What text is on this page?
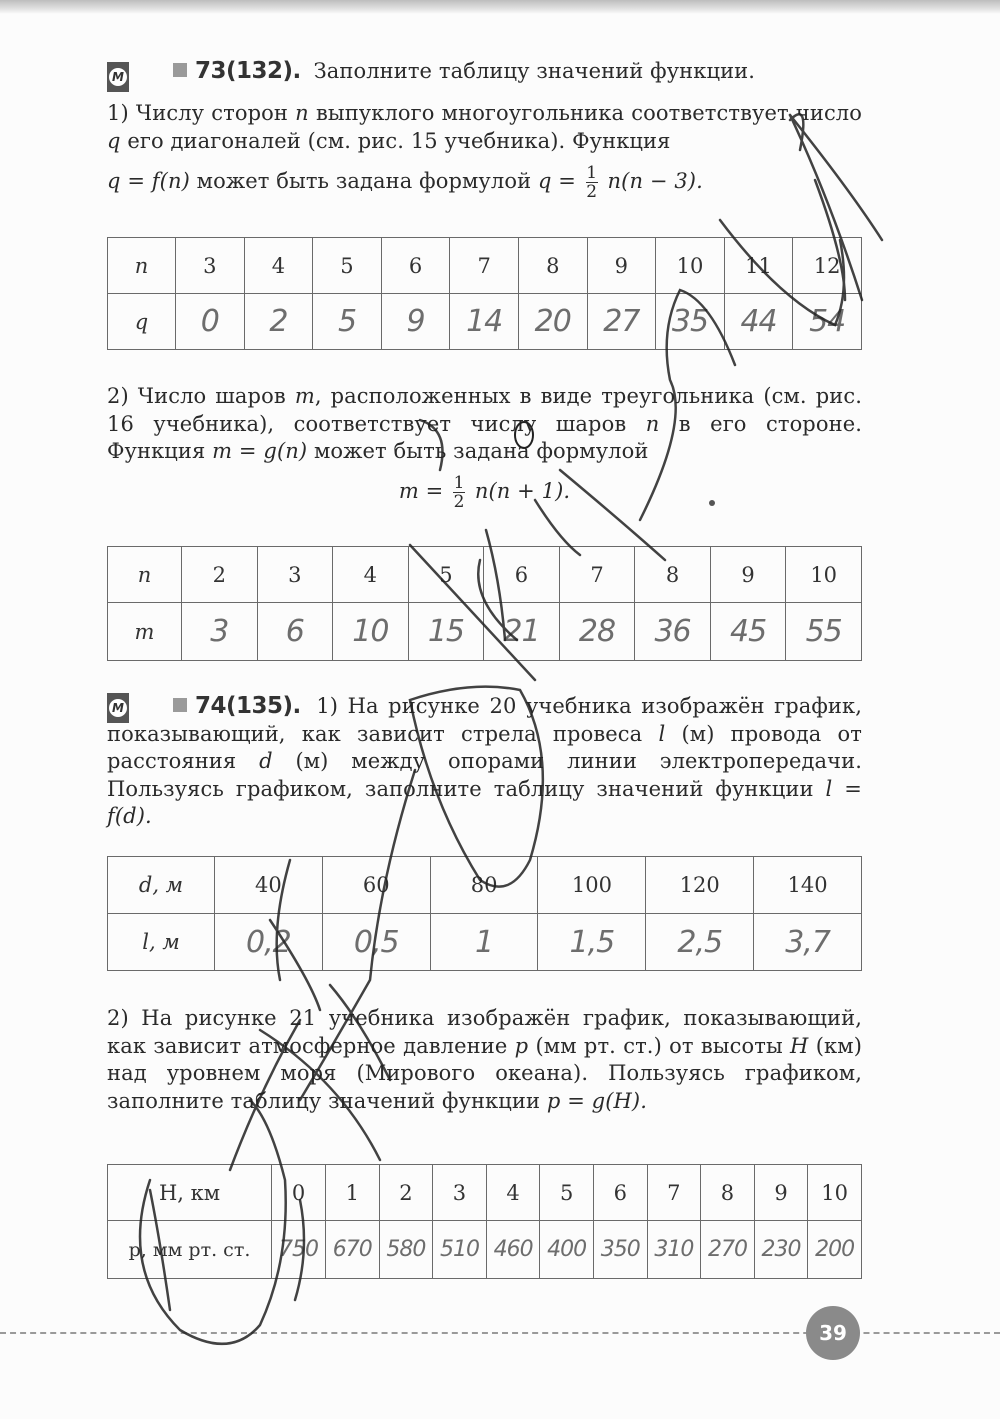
M	73(132). Заполните таблицу значений функции.
1) Числу сторон n выпуклого многоугольника соответствует число q его диагоналей (см. рис. 15 учебника). Функция
q = f(n) может быть задана формулой $q = \frac{1}{2} n(n - 3)$.
n	3	4	5	6	7	8	9	10	11	12
q	0	2	5	9	14	20	27	35	44	54
2) Число шаров m, расположенных в виде треугольника (см. рис. 16 учебника), соответствует числу шаров n в его стороне. Функция m = g(n) может быть задана формулой
$m = \frac{1}{2} n(n + 1)$.
n	2	3	4	5	6	7	8	9	10
m	3	6	10	15	21	28	36	45	55
M	74(135). 1) На рисунке 20 учебника изображён график, показывающий, как зависит стрела провеса l (м) провода от расстояния d (м) между опорами линии электропередачи. Пользуясь графиком, заполните таблицу значений функции l = f(d).
d, м	40	60	80	100	120	140
l, м	0,2	0,5	1	1,5	2,5	3,7
2) На рисунке 21 учебника изображён график, показывающий, как зависит атмосферное давление p (мм рт. ст.) от высоты H (км) над уровнем моря (Мирового океана). Пользуясь графиком, заполните таблицу значений функции p = g(H).
H, км	0	1	2	3	4	5	6	7	8	9	10
p, мм рт. ст.	750	670	580	510	460	400	350	310	270	230	200
39
